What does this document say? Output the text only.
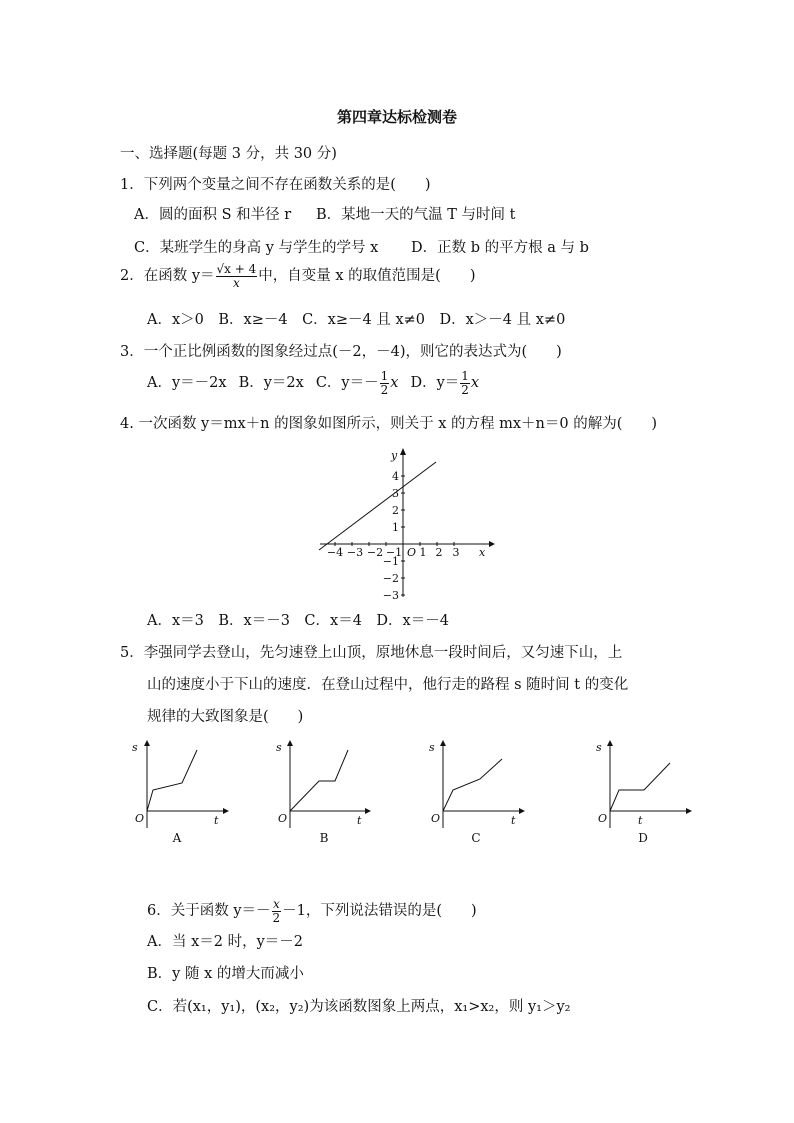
第四章达标检测卷
一、选择题(每题 3 分，共 30 分)
1．下列两个变量之间不存在函数关系的是(　　)
A．圆的面积 S 和半径 r B．某地一天的气温 T 与时间 t
C．某班学生的身高 y 与学生的学号 x D．正数 b 的平方根 a 与 b
2．在函数 $y= \frac{√x + 4}{x}$ 中，自变量 x 的取值范围是(　　)
A．x＞0　B．x≥－4　C．x≥－4 且 x≠0　D．x＞－4 且 x≠0
3．一个正比例函数的图象经过点(－2，－4)，则它的表达式为(　　)
A．y＝－2x B．y＝2x C．$y=- \frac{1}{2}$ x D．$y= \frac{1}{2}$ x
4. 一次函数 y＝mx＋n 的图象如图所示，则关于 x 的方程 mx＋n＝0 的解为(　　)
−4 −3 −2 −1 1 2 3
O	x
y
4
3
2
1
−1
−2
−3
A．x＝3　B．x＝－3　C．x＝4　D．x＝－4
5．李强同学去登山，先匀速登上山顶，原地休息一段时间后，又匀速下山，上
山的速度小于下山的速度．在登山过程中，他行走的路程 s 随时间 t 的变化
规律的大致图象是(　　)
s
O	t
A
s
O	t
B
s
O	t
C
s
O	t
D
6．关于函数 $y=- \frac{x}{2} -1$，下列说法错误的是(　　)
A．当 x＝2 时，y＝－2
B．y 随 x 的增大而减小
C．若(x₁，y₁)，(x₂，y₂)为该函数图象上两点，x₁>x₂，则 y₁＞y₂
